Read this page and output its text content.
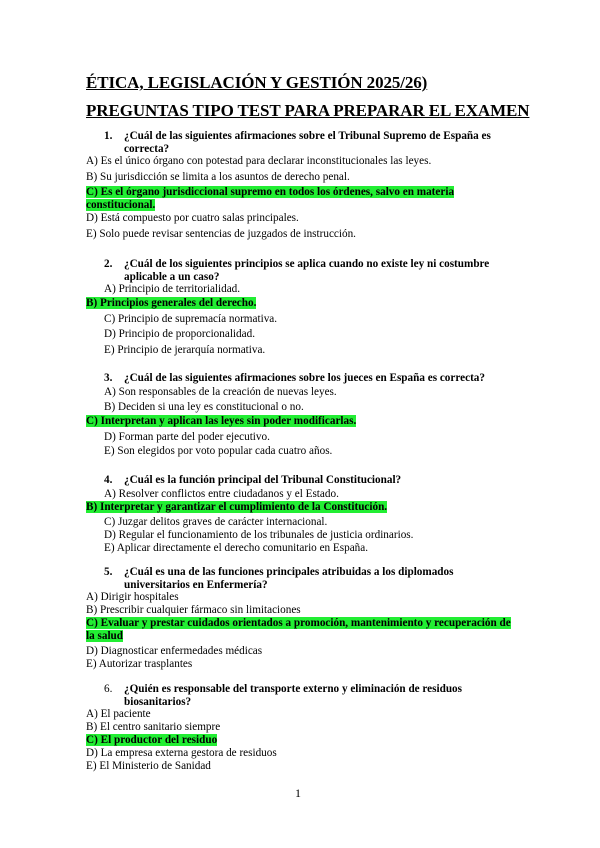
ÉTICA, LEGISLACIÓN Y GESTIÓN 2025/26)
PREGUNTAS TIPO TEST PARA PREPARAR EL EXAMEN
1. ¿Cuál de las siguientes afirmaciones sobre el Tribunal Supremo de España es correcta?
A) Es el único órgano con potestad para declarar inconstitucionales las leyes.
B) Su jurisdicción se limita a los asuntos de derecho penal.
C) Es el órgano jurisdiccional supremo en todos los órdenes, salvo en materia constitucional.
D) Está compuesto por cuatro salas principales.
E) Solo puede revisar sentencias de juzgados de instrucción.
2. ¿Cuál de los siguientes principios se aplica cuando no existe ley ni costumbre aplicable a un caso?
A) Principio de territorialidad.
B) Principios generales del derecho.
C) Principio de supremacía normativa.
D) Principio de proporcionalidad.
E) Principio de jerarquía normativa.
3. ¿Cuál de las siguientes afirmaciones sobre los jueces en España es correcta?
A) Son responsables de la creación de nuevas leyes.
B) Deciden si una ley es constitucional o no.
C) Interpretan y aplican las leyes sin poder modificarlas.
D) Forman parte del poder ejecutivo.
E) Son elegidos por voto popular cada cuatro años.
4. ¿Cuál es la función principal del Tribunal Constitucional?
A) Resolver conflictos entre ciudadanos y el Estado.
B) Interpretar y garantizar el cumplimiento de la Constitución.
C) Juzgar delitos graves de carácter internacional.
D) Regular el funcionamiento de los tribunales de justicia ordinarios.
E) Aplicar directamente el derecho comunitario en España.
5. ¿Cuál es una de las funciones principales atribuidas a los diplomados universitarios en Enfermería?
A) Dirigir hospitales
B) Prescribir cualquier fármaco sin limitaciones
C) Evaluar y prestar cuidados orientados a promoción, mantenimiento y recuperación de la salud
D) Diagnosticar enfermedades médicas
E) Autorizar trasplantes
6. ¿Quién es responsable del transporte externo y eliminación de residuos biosanitarios?
A) El paciente
B) El centro sanitario siempre
C) El productor del residuo
D) La empresa externa gestora de residuos
E) El Ministerio de Sanidad
1
